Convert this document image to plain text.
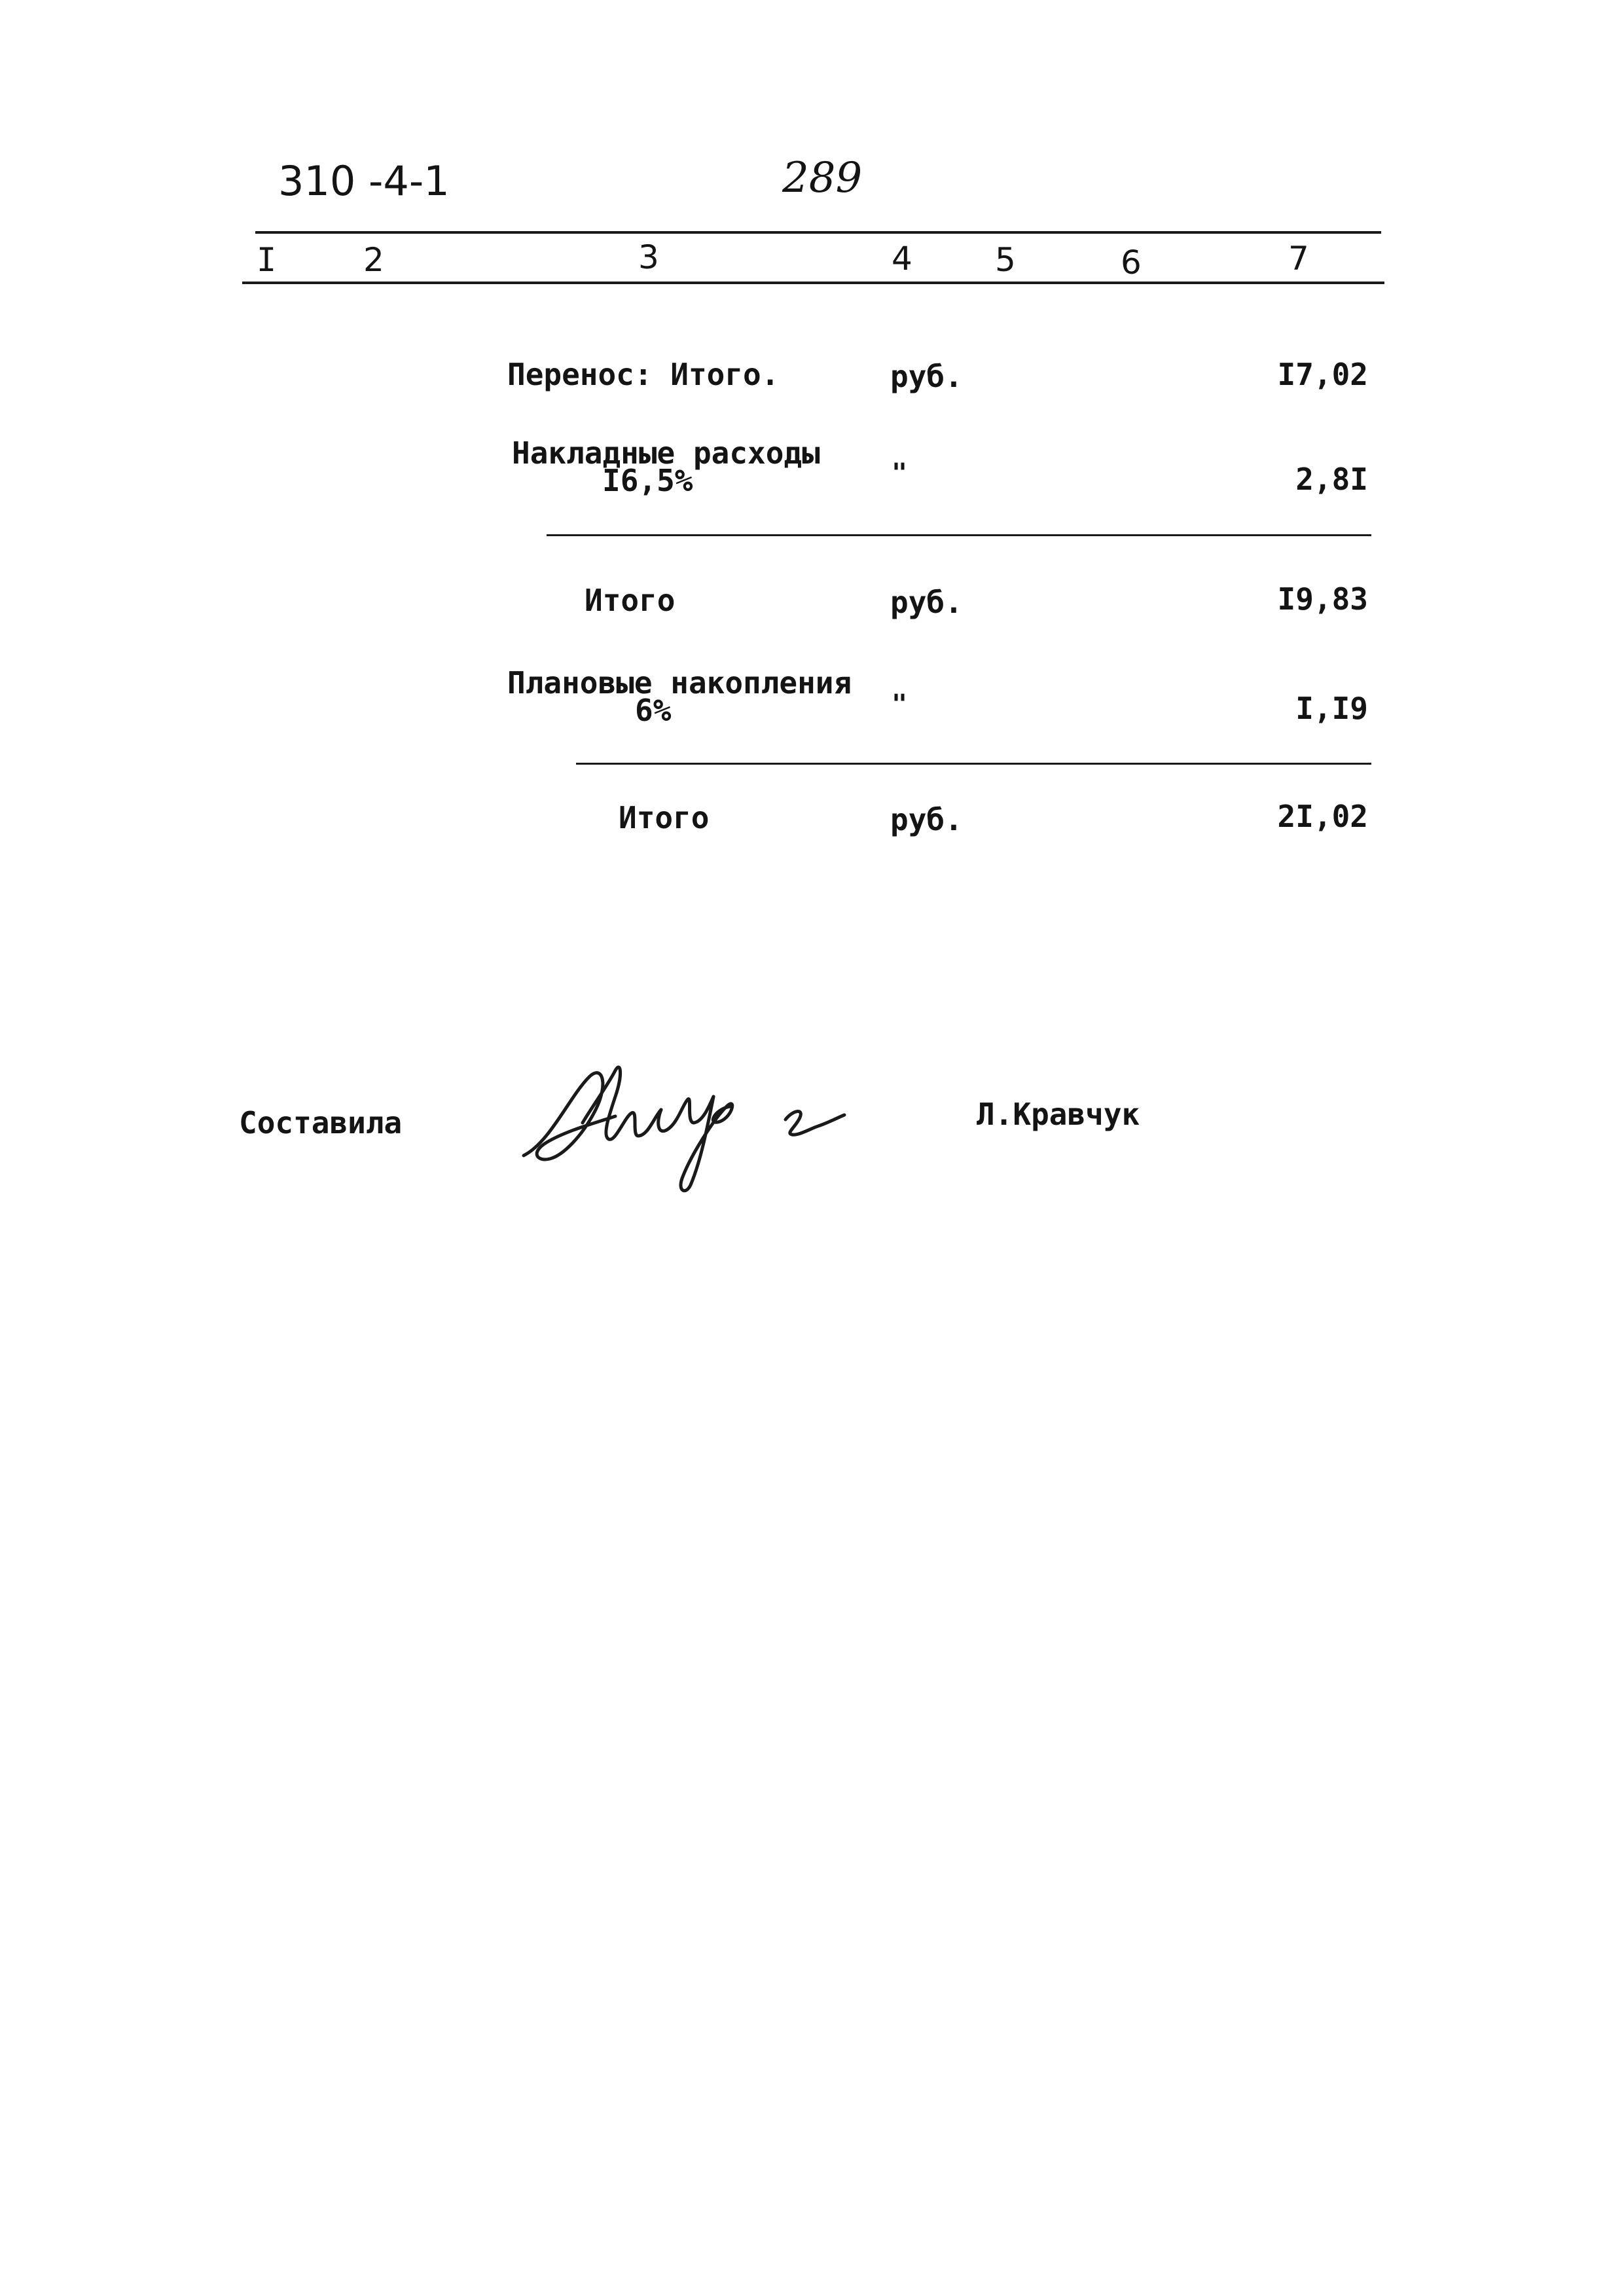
310 -4-1	289
I	2	3	4	5	6	7
Перенос: Итого.	руб.	I7,02
Накладные расходы
I6,5%	"	2,8I
Итого	руб.	I9,83
Плановые накопления
6%	"	I,I9
Итого	руб.	2I,02
Составила	Л.Кравчук
